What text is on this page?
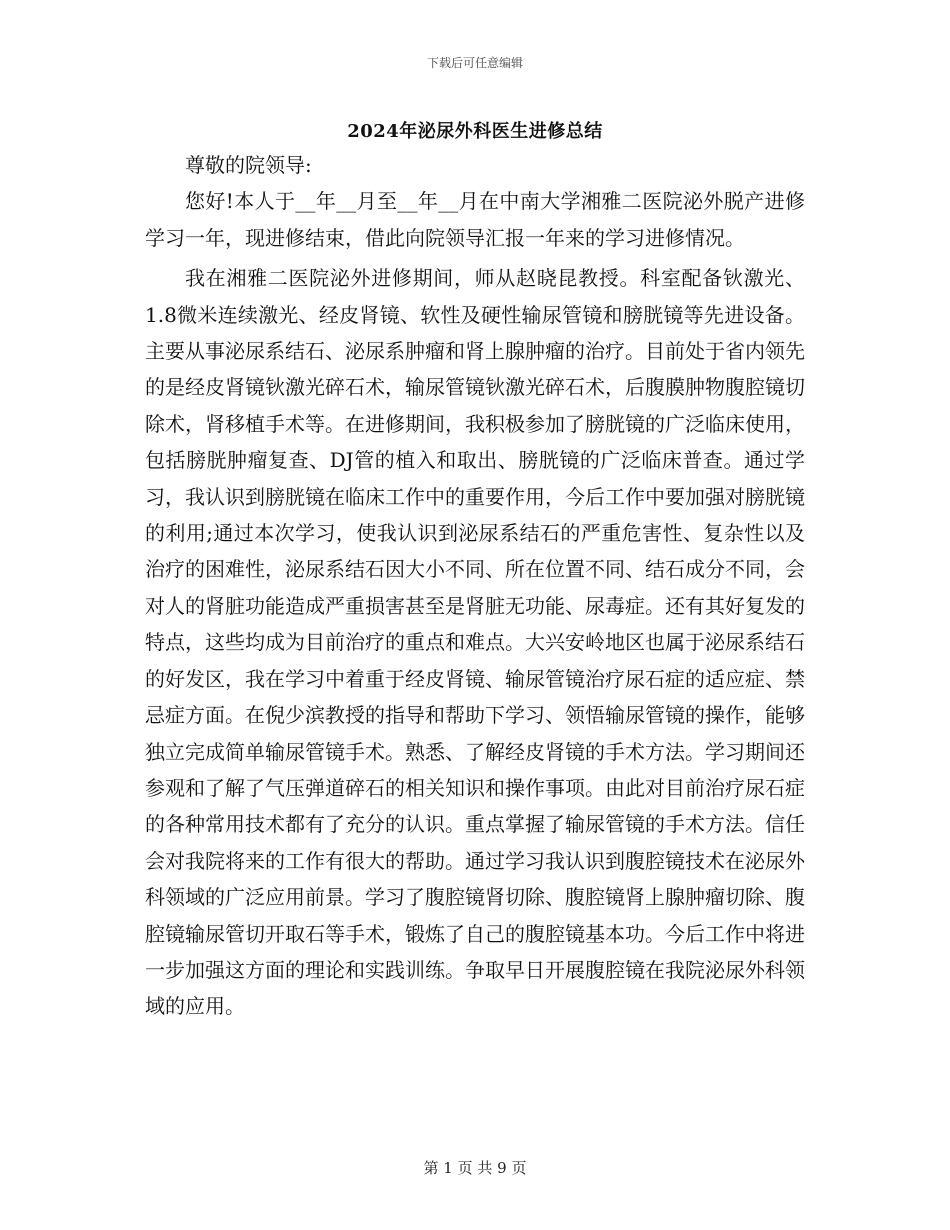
下载后可任意编辑
2024年泌尿外科医生进修总结

尊敬的院领导:

您好!本人于__年__月至__年__月在中南大学湘雅二医院泌外脱产进修学习一年，现进修结束，借此向院领导汇报一年来的学习进修情况。

我在湘雅二医院泌外进修期间，师从赵晓昆教授。科室配备钬激光、1.8微米连续激光、经皮肾镜、软性及硬性输尿管镜和膀胱镜等先进设备。主要从事泌尿系结石、泌尿系肿瘤和肾上腺肿瘤的治疗。目前处于省内领先的是经皮肾镜钬激光碎石术，输尿管镜钬激光碎石术，后腹膜肿物腹腔镜切除术，肾移植手术等。在进修期间，我积极参加了膀胱镜的广泛临床使用，包括膀胱肿瘤复查、DJ管的植入和取出、膀胱镜的广泛临床普查。通过学习，我认识到膀胱镜在临床工作中的重要作用，今后工作中要加强对膀胱镜的利用;通过本次学习，使我认识到泌尿系结石的严重危害性、复杂性以及治疗的困难性，泌尿系结石因大小不同、所在位置不同、结石成分不同，会对人的肾脏功能造成严重损害甚至是肾脏无功能、尿毒症。还有其好复发的特点，这些均成为目前治疗的重点和难点。大兴安岭地区也属于泌尿系结石的好发区，我在学习中着重于经皮肾镜、输尿管镜治疗尿石症的适应症、禁忌症方面。在倪少滨教授的指导和帮助下学习、领悟输尿管镜的操作，能够独立完成简单输尿管镜手术。熟悉、了解经皮肾镜的手术方法。学习期间还参观和了解了气压弹道碎石的相关知识和操作事项。由此对目前治疗尿石症的各种常用技术都有了充分的认识。重点掌握了输尿管镜的手术方法。信任会对我院将来的工作有很大的帮助。通过学习我认识到腹腔镜技术在泌尿外科领域的广泛应用前景。学习了腹腔镜肾切除、腹腔镜肾上腺肿瘤切除、腹腔镜输尿管切开取石等手术，锻炼了自己的腹腔镜基本功。今后工作中将进一步加强这方面的理论和实践训练。争取早日开展腹腔镜在我院泌尿外科领域的应用。

第 1 页 共 9 页
